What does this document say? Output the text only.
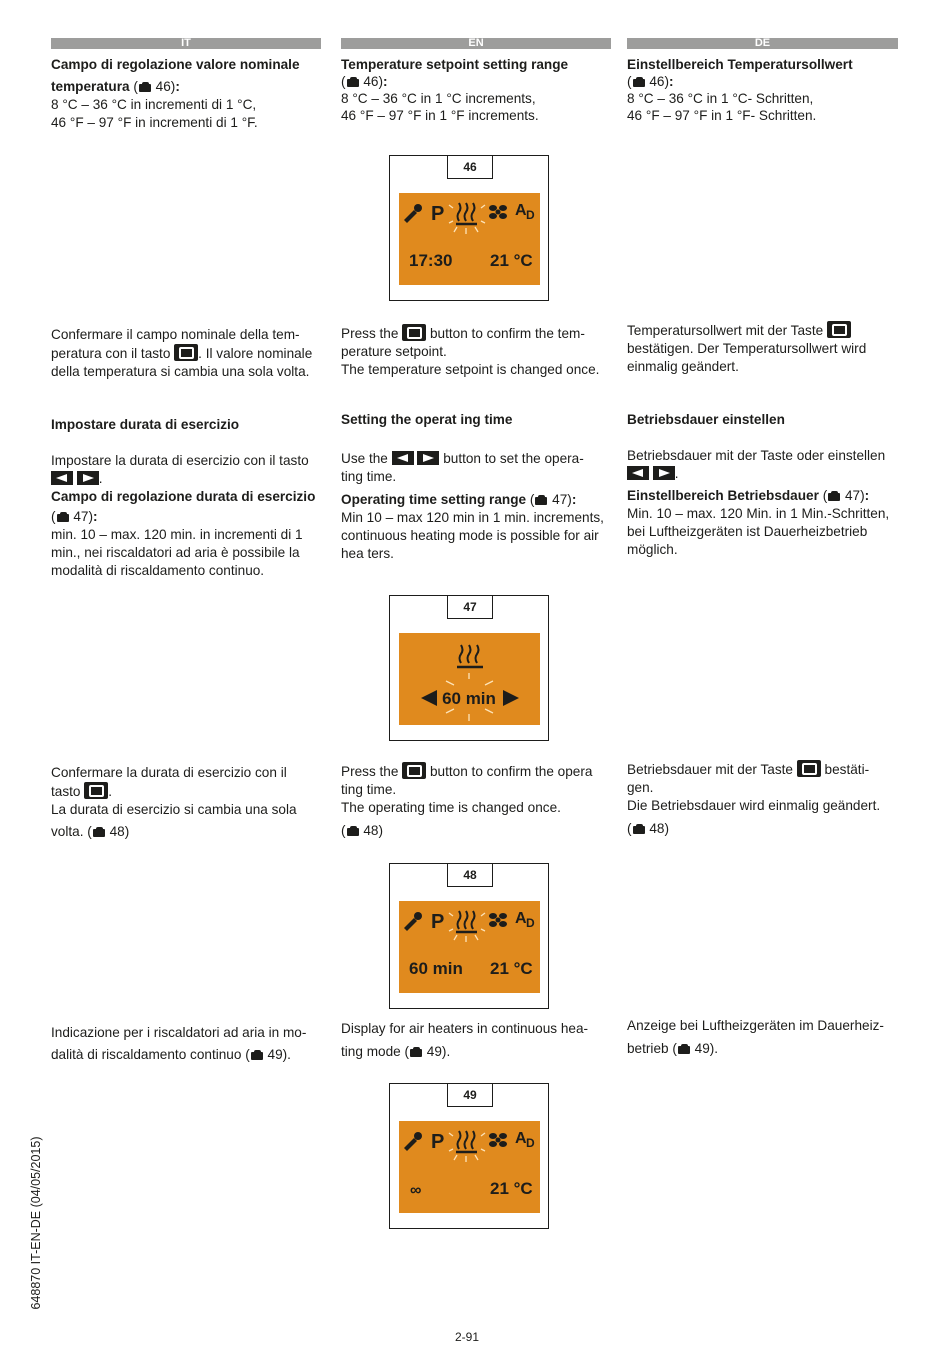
IT	EN	DE

Campo di regolazione valore nominale

temperatura ( 46):

8 °C – 36 °C in incrementi di 1 °C,

46 °F – 97 °F in incrementi di 1 °F.

Temperature setpoint setting range

( 46):

8 °C – 36 °C in 1 °C increments,

46 °F – 97 °F in 1 °F increments.

Einstellbereich Temperatursollwert

( 46):

8 °C – 36 °C in 1 °C- Schritten,

46 °F – 97 °F in 1 °F- Schritten.

46
P	A D
17:30 21 °C

Confermare il campo nominale della tem-

peratura con il tasto . Il valore nominale

della temperatura si cambia una sola volta.

Press the button to confirm the tem-

perature setpoint.

The temperature setpoint is changed once.

Temperatursollwert mit der Taste

bestätigen. Der Temperatursollwert wird

einmalig geändert.

Impostare durata di esercizio	Setting the operat ing time	Betriebsdauer einstellen

Impostare la durata di esercizio con il tasto

.

Campo di regolazione durata di esercizio

( 47):

min. 10 – max. 120 min. in incrementi di 1

min., nei riscaldatori ad aria è possibile la

modalità di riscaldamento continuo.

Use the	button to set the opera-

ting time.

Operating time setting range ( 47):

Min 10 – max 120 min in 1 min. increments,

continuous heating mode is possible for air

hea ters.

Betriebsdauer mit der Taste oder einstellen

.

Einstellbereich Betriebsdauer ( 47):

Min. 10 – max. 120 Min. in 1 Min.-Schritten,

bei Luftheizgeräten ist Dauerheizbetrieb

möglich.

47
60 min

Confermare la durata di esercizio con il

tasto .

La durata di esercizio si cambia una sola

volta. ( 48)

Press the button to confirm the opera

ting time.

The operating time is changed once.

( 48)

Betriebsdauer mit der Taste bestäti-

gen.

Die Betriebsdauer wird einmalig geändert.

( 48)

48
P	A D
60 min 21 °C

Indicazione per i riscaldatori ad aria in mo-

dalità di riscaldamento continuo ( 49).

Display for air heaters in continuous hea-

ting mode ( 49).

Anzeige bei Luftheizgeräten im Dauerheiz-

betrieb ( 49).

49
P	A D
∞	21 °C
648870 IT-EN-DE (04/05/2015)
2-91
